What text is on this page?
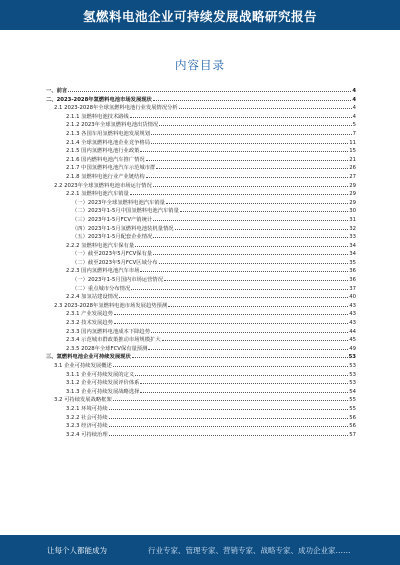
氢燃料电池企业可持续发展战略研究报告
内容目录
一、前言	4
二、2023-2028年氢燃料电池市场发展现状	4
2.1 2023-2028年全球氢燃料电池行业发展情况分析	4
2.1.1 氢燃料电池技术路线	4
2.1.2 2023年全球氢燃料电池出货情况	5
2.1.3 各国车用氢燃料电池发展规划	7
2.1.4 全球氢燃料电池企业竞争格局	11
2.1.5 国内氢燃料电池行业政策	15
2.1.6 国内燃料电池汽车推广情况	21
2.1.7 中国氢燃料电池汽车示范城市群	26
2.1.8 氢燃料电池行业产业链结构	27
2.2 2023年全球氢燃料电池市场运行情况	29
2.2.1 氢燃料电池汽车销量	29
（一）2023年全球氢燃料电池汽车销量	29
（二）2023年1-5月中国氢燃料电池汽车销量	30
（三）2023年1-5月FCV产销统计	31
（四）2023年1-5月氢燃料电池装机量情况	32
（五）2023年1-5月配套企业情况	33
2.2.2 氢燃料电池汽车保有量	34
（一）截至2023年5月FCV保有量	34
（二）截至2023年5月FCV区域分布	35
2.2.3 国内氢燃料电池汽车市场	36
（一）2023年1-5月国内市场运营情况	36
（二）重点城市分布情况	37
2.2.4 加氢站建设情况	40
2.3 2023-2028年氢燃料电池市场发展趋势预测	43
2.3.1 产业发展趋势	43
2.3.2 技术发展趋势	43
2.3.3 国内氢燃料电池成本下降趋势	44
2.3.4 示范城市群政策推动市场规模扩大	45
2.3.5 2028年全球FCV保有量预测	49
三、氢燃料电池企业可持续发展现状	53
3.1 企业可持续发展概述	53
3.1.1 企业可持续发展的定义	53
3.1.2 企业可持续发展评价体系	53
3.1.3 企业可持续发展战略选择	54
3.2 可持续发展战略框架	55
3.2.1 环境可持续	55
3.2.2 社会可持续	56
3.2.3 经济可持续	56
3.2.4 可持续治理	57
让每个人都能成为	行业专家、管理专家、营销专家、战略专家、成功企业家……
